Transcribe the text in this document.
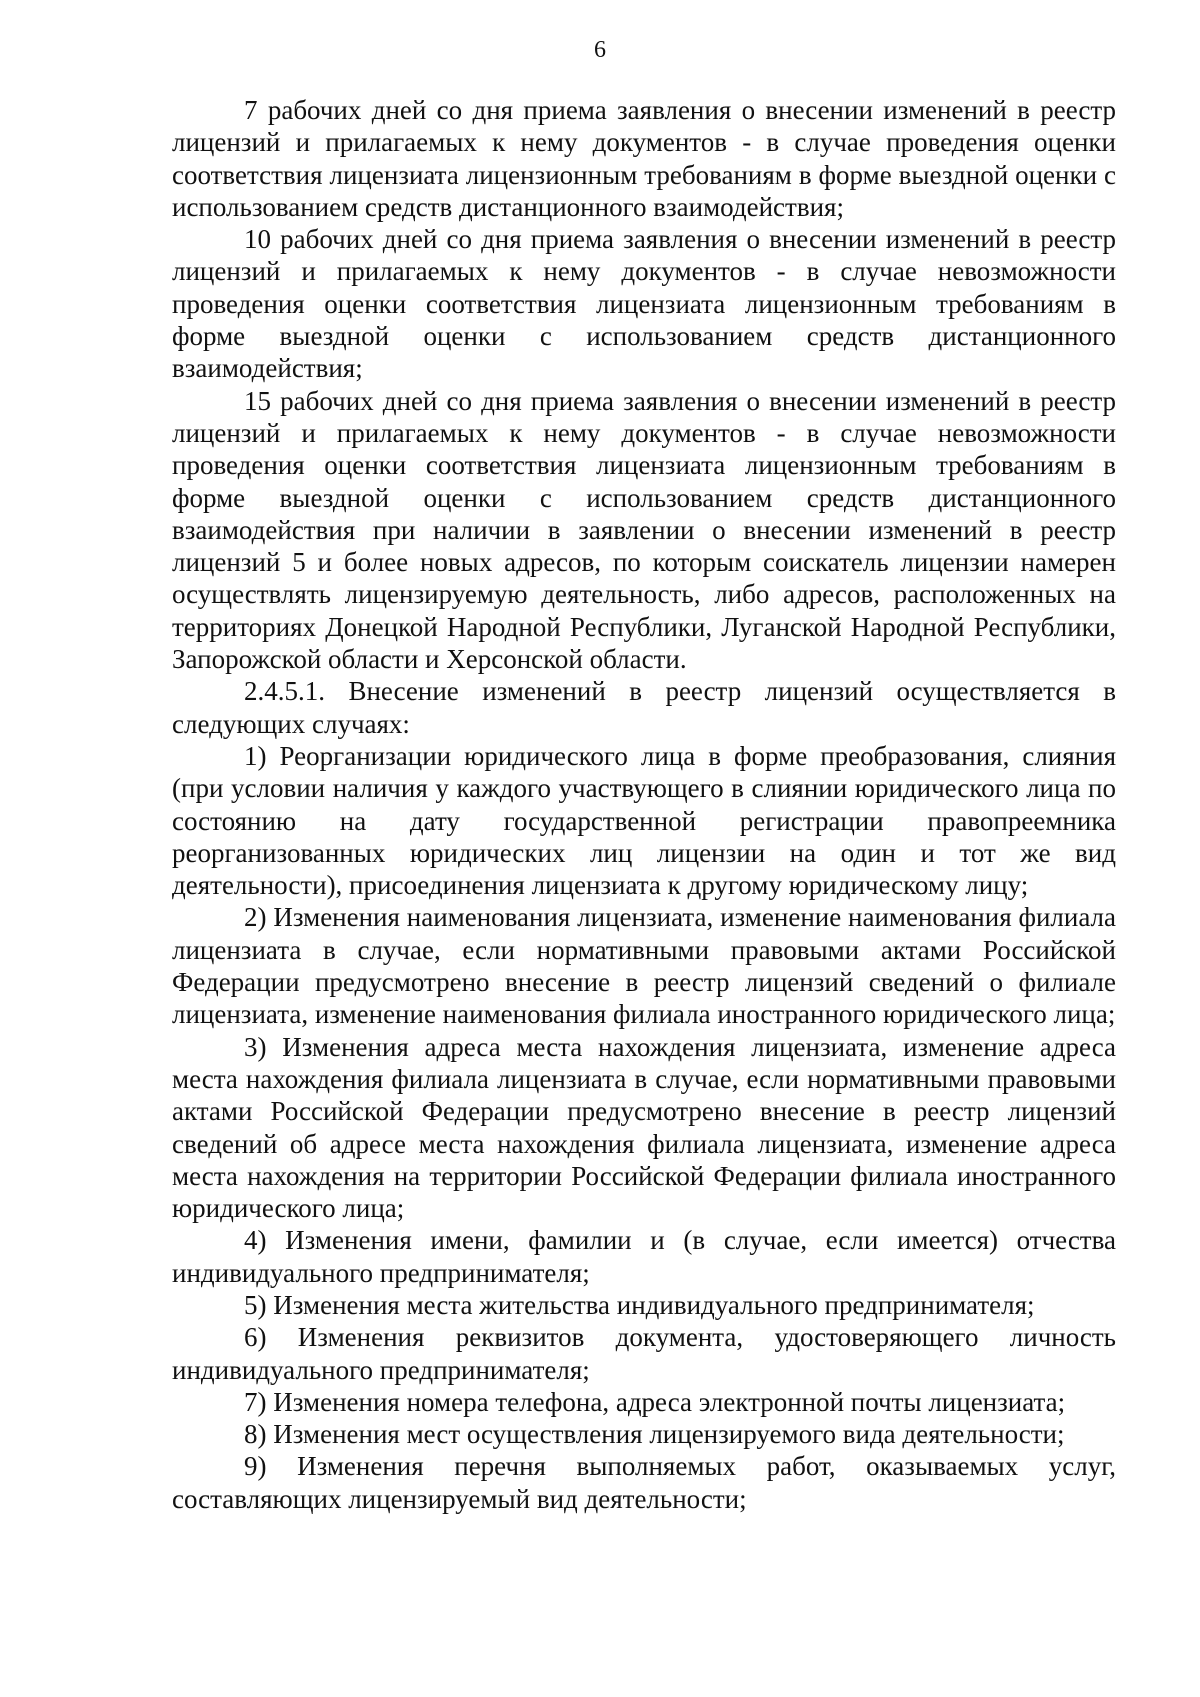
6

7 рабочих дней со дня приема заявления о внесении изменений в реестр лицензий и прилагаемых к нему документов - в случае проведения оценки соответствия лицензиата лицензионным требованиям в форме выездной оценки с использованием средств дистанционного взаимодействия;

10 рабочих дней со дня приема заявления о внесении изменений в реестр лицензий и прилагаемых к нему документов - в случае невозможности проведения оценки соответствия лицензиата лицензионным требованиям в форме выездной оценки с использованием средств дистанционного взаимодействия;

15 рабочих дней со дня приема заявления о внесении изменений в реестр лицензий и прилагаемых к нему документов - в случае невозможности проведения оценки соответствия лицензиата лицензионным требованиям в форме выездной оценки с использованием средств дистанционного взаимодействия при наличии в заявлении о внесении изменений в реестр лицензий 5 и более новых адресов, по которым соискатель лицензии намерен осуществлять лицензируемую деятельность, либо адресов, расположенных на территориях Донецкой Народной Республики, Луганской Народной Республики, Запорожской области и Херсонской области.

2.4.5.1. Внесение изменений в реестр лицензий осуществляется в следующих случаях:

1) Реорганизации юридического лица в форме преобразования, слияния (при условии наличия у каждого участвующего в слиянии юридического лица по состоянию на дату государственной регистрации правопреемника реорганизованных юридических лиц лицензии на один и тот же вид деятельности), присоединения лицензиата к другому юридическому лицу;

2) Изменения наименования лицензиата, изменение наименования филиала лицензиата в случае, если нормативными правовыми актами Российской Федерации предусмотрено внесение в реестр лицензий сведений о филиале лицензиата, изменение наименования филиала иностранного юридического лица;

3) Изменения адреса места нахождения лицензиата, изменение адреса места нахождения филиала лицензиата в случае, если нормативными правовыми актами Российской Федерации предусмотрено внесение в реестр лицензий сведений об адресе места нахождения филиала лицензиата, изменение адреса места нахождения на территории Российской Федерации филиала иностранного юридического лица;

4) Изменения имени, фамилии и (в случае, если имеется) отчества индивидуального предпринимателя;

5) Изменения места жительства индивидуального предпринимателя;

6) Изменения реквизитов документа, удостоверяющего личность индивидуального предпринимателя;

7) Изменения номера телефона, адреса электронной почты лицензиата;

8) Изменения мест осуществления лицензируемого вида деятельности;

9) Изменения перечня выполняемых работ, оказываемых услуг, составляющих лицензируемый вид деятельности;
